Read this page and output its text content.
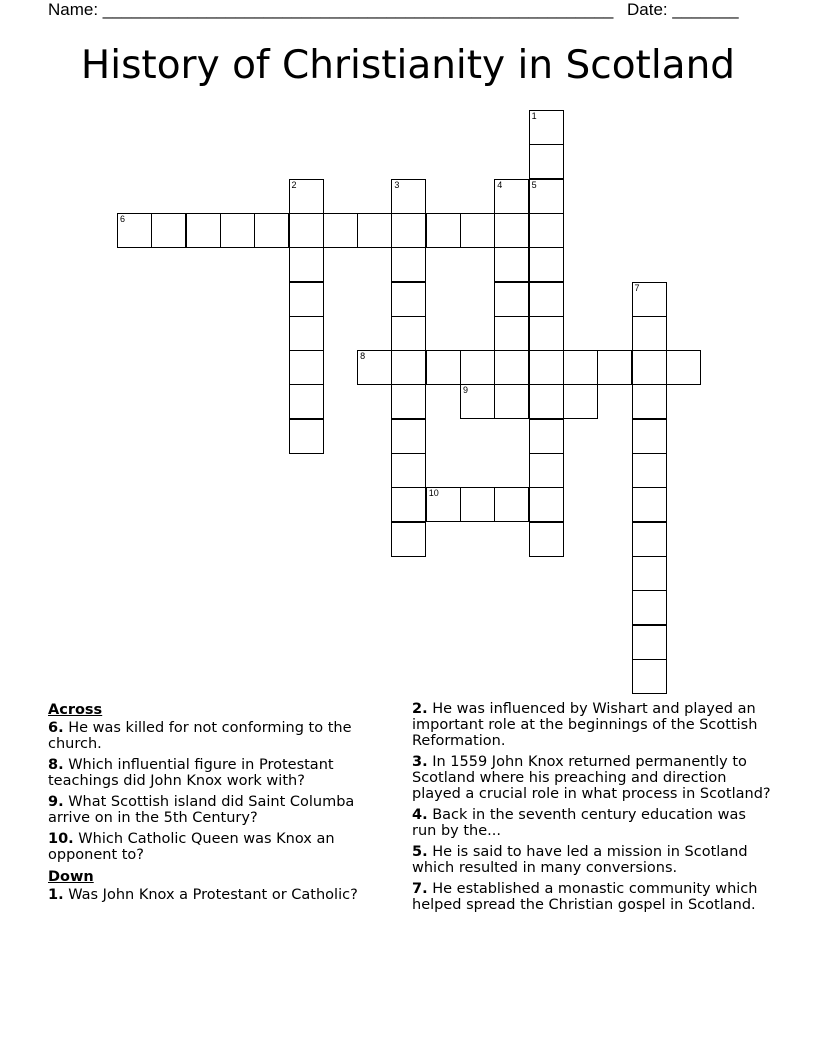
Name: ______________________________________________________ Date: _______
History of Christianity in Scotland
1
5
2	3	4
6
7
8
9
10
Across
6. He was killed for not conforming to the church.
8. Which influential figure in Protestant teachings did John Knox work with?
9. What Scottish island did Saint Columba arrive on in the 5th Century?
10. Which Catholic Queen was Knox an opponent to?
Down
1. Was John Knox a Protestant or Catholic?
2. He was influenced by Wishart and played an important role at the beginnings of the Scottish Reformation.
3. In 1559 John Knox returned permanently to Scotland where his preaching and direction played a crucial role in what process in Scotland?
4. Back in the seventh century education was run by the...
5. He is said to have led a mission in Scotland which resulted in many conversions.
7. He established a monastic community which helped spread the Christian gospel in Scotland.
